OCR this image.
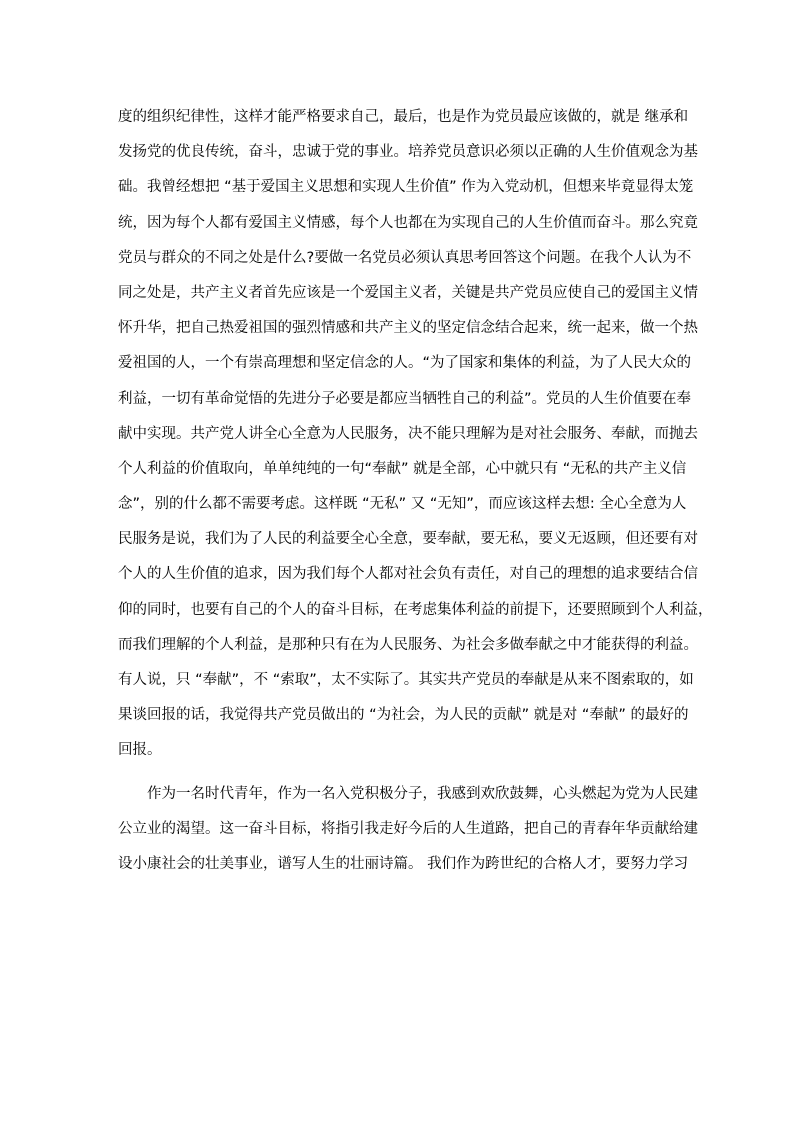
度的组织纪律性，这样才能严格要求自己，最后，也是作为党员最应该做的，就是 继承和
发扬党的优良传统，奋斗，忠诚于党的事业。培养党员意识必须以正确的人生价值观念为基
础。我曾经想把 “基于爱国主义思想和实现人生价值” 作为入党动机，但想来毕竟显得太笼
统，因为每个人都有爱国主义情感，每个人也都在为实现自己的人生价值而奋斗。那么究竟
党员与群众的不同之处是什么?要做一名党员必须认真思考回答这个问题。在我个人认为不
同之处是，共产主义者首先应该是一个爱国主义者，关键是共产党员应使自己的爱国主义情
怀升华，把自己热爱祖国的强烈情感和共产主义的坚定信念结合起来，统一起来，做一个热
爱祖国的人，一个有崇高理想和坚定信念的人。“为了国家和集体的利益，为了人民大众的
利益，一切有革命觉悟的先进分子必要是都应当牺牲自己的利益”。党员的人生价值要在奉
献中实现。共产党人讲全心全意为人民服务，决不能只理解为是对社会服务、奉献，而抛去
个人利益的价值取向，单单纯纯的一句“奉献” 就是全部，心中就只有 “无私的共产主义信
念”，别的什么都不需要考虑。这样既 “无私” 又 “无知”，而应该这样去想: 全心全意为人
民服务是说，我们为了人民的利益要全心全意，要奉献，要无私，要义无返顾，但还要有对
个人的人生价值的追求，因为我们每个人都对社会负有责任，对自己的理想的追求要结合信
仰的同时，也要有自己的个人的奋斗目标，在考虑集体利益的前提下，还要照顾到个人利益，
而我们理解的个人利益，是那种只有在为人民服务、为社会多做奉献之中才能获得的利益。
有人说，只 “奉献”，不 “索取”，太不实际了。其实共产党员的奉献是从来不图索取的，如
果谈回报的话，我觉得共产党员做出的 “为社会，为人民的贡献” 就是对 “奉献” 的最好的
回报。
作为一名时代青年，作为一名入党积极分子，我感到欢欣鼓舞，心头燃起为党为人民建
公立业的渴望。这一奋斗目标，将指引我走好今后的人生道路，把自己的青春年华贡献给建
设小康社会的壮美事业，谱写人生的壮丽诗篇。 我们作为跨世纪的合格人才，要努力学习
